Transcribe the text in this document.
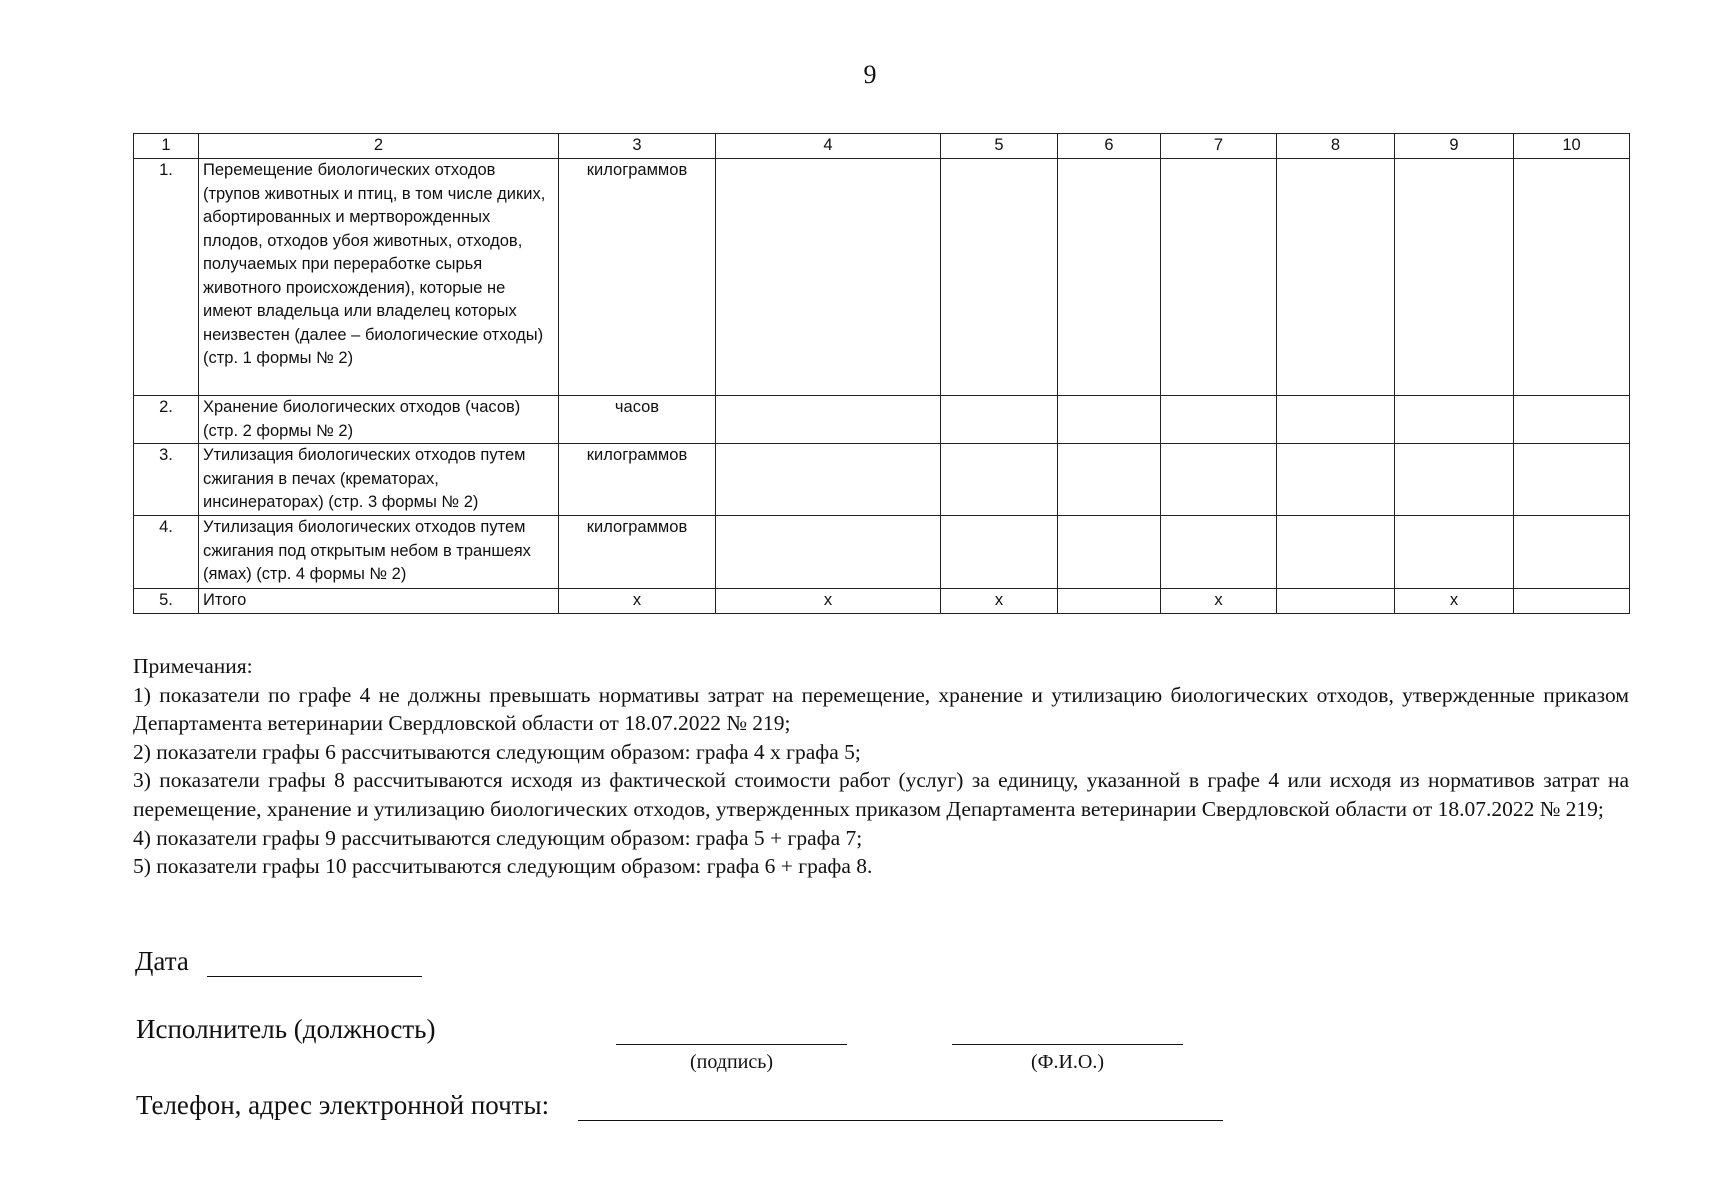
9
1	2	3	4	5	6	7	8	9	10
1.	Перемещение биологических отходов (трупов животных и птиц, в том числе диких, абортированных и мертворожденных плодов, отходов убоя животных, отходов, получаемых при переработке сырья животного происхождения), которые не имеют владельца или владелец которых неизвестен (далее – биологические отходы) (стр. 1 формы № 2)	килограммов							
2.	Хранение биологических отходов (часов) (стр. 2 формы № 2)	часов							
3.	Утилизация биологических отходов путем сжигания в печах (крематорах, инсинераторах) (стр. 3 формы № 2)	килограммов							
4.	Утилизация биологических отходов путем сжигания под открытым небом в траншеях (ямах) (стр. 4 формы № 2)	килограммов							
5.	Итого	x	x	x		x		x	

Примечания:

1) показатели по графе 4 не должны превышать нормативы затрат на перемещение, хранение и утилизацию биологических отходов, утвержденные приказом Департамента ветеринарии Свердловской области от 18.07.2022 № 219;

2) показатели графы 6 рассчитываются следующим образом: графа 4 x графа 5;

3) показатели графы 8 рассчитываются исходя из фактической стоимости работ (услуг) за единицу, указанной в графе 4 или исходя из нормативов затрат на перемещение, хранение и утилизацию биологических отходов, утвержденных приказом Департамента ветеринарии Свердловской области от 18.07.2022 № 219;

4) показатели графы 9 рассчитываются следующим образом: графа 5 + графа 7;

5) показатели графы 10 рассчитываются следующим образом: графа 6 + графа 8.

Дата
Исполнитель (должность)
(подпись)	(Ф.И.О.)
Телефон, адрес электронной почты:
